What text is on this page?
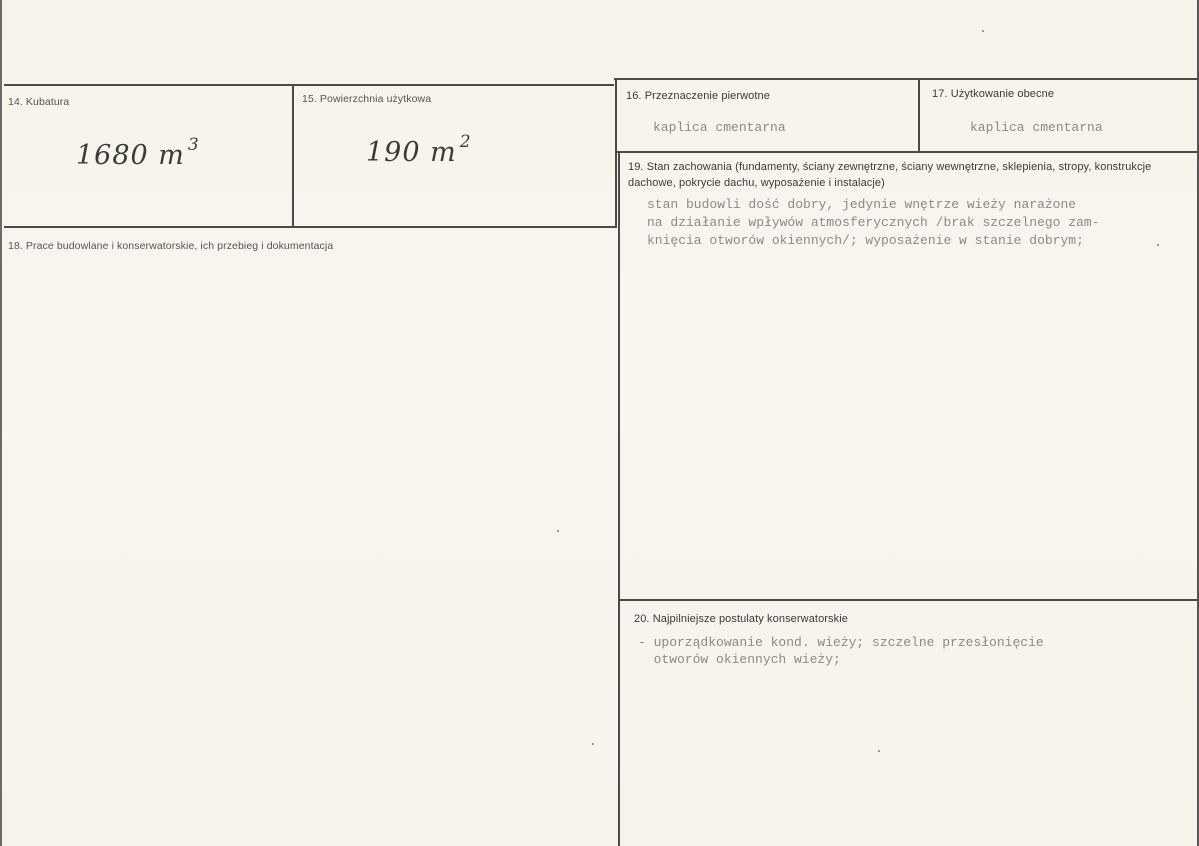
14. Kubatura
1680 m $^3$
15. Powierzchnia użytkowa
190 m $^2$
16. Przeznaczenie pierwotne
kaplica cmentarna
17. Użytkowanie obecne
kaplica cmentarna
18. Prace budowlane i konserwatorskie, ich przebieg i dokumentacja
19. Stan zachowania (fundamenty, ściany zewnętrzne, ściany wewnętrzne, sklepienia, stropy, konstrukcje dachowe, pokrycie dachu, wyposażenie i instalacje)
stan budowli dość dobry, jedynie wnętrze wieży narażone
na działanie wpływów atmosferycznych /brak szczelnego zam-
knięcia otworów okiennych/; wyposażenie w stanie dobrym;
20. Najpilniejsze postulaty konserwatorskie
- uporządkowanie kond. wieży; szczelne przesłonięcie
otworów okiennych wieży;
